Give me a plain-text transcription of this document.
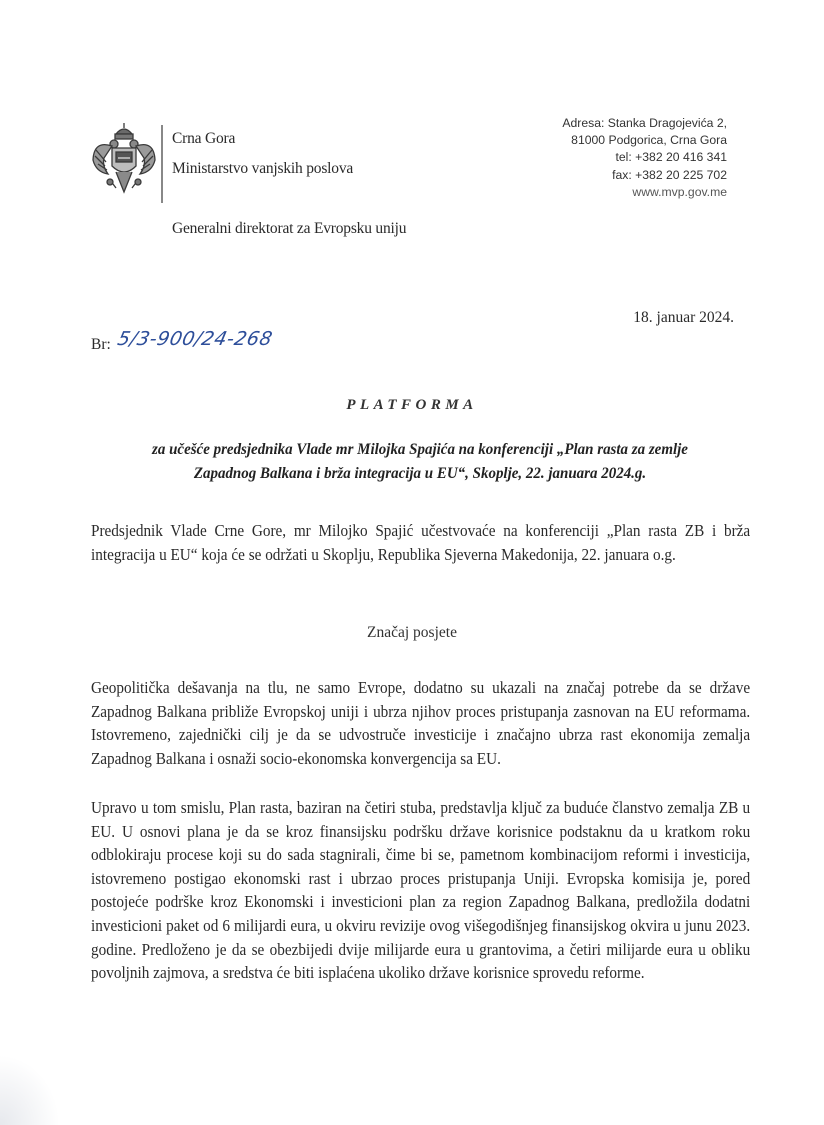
Crna Gora
Ministarstvo vanjskih poslova
Generalni direktorat za Evropsku uniju
Adresa: Stanka Dragojevića 2,
81000 Podgorica, Crna Gora
tel: +382 20 416 341
fax: +382 20 225 702
www.mvp.gov.me
18. januar 2024.
Br: 5/3-900/24-268
PLATFORMA
za učešće predsjednika Vlade mr Milojka Spajića na konferenciji „Plan rasta za zemlje
Zapadnog Balkana i brža integracija u EU“, Skoplje, 22. januara 2024.g.
Predsjednik Vlade Crne Gore, mr Milojko Spajić učestvovaće na konferenciji „Plan rasta ZB i brža integracija u EU“ koja će se održati u Skoplju, Republika Sjeverna Makedonija, 22. januara o.g.
Značaj posjete
Geopolitička dešavanja na tlu, ne samo Evrope, dodatno su ukazali na značaj potrebe da se države Zapadnog Balkana približe Evropskoj uniji i ubrza njihov proces pristupanja zasnovan na EU reformama. Istovremeno, zajednički cilj je da se udvostruče investicije i značajno ubrza rast ekonomija zemalja Zapadnog Balkana i osnaži socio-ekonomska konvergencija sa EU.
Upravo u tom smislu, Plan rasta, baziran na četiri stuba, predstavlja ključ za buduće članstvo zemalja ZB u EU. U osnovi plana je da se kroz finansijsku podršku države korisnice podstaknu da u kratkom roku odblokiraju procese koji su do sada stagnirali, čime bi se, pametnom kombinacijom reformi i investicija, istovremeno postigao ekonomski rast i ubrzao proces pristupanja Uniji. Evropska komisija je, pored postojeće podrške kroz Ekonomski i investicioni plan za region Zapadnog Balkana, predložila dodatni investicioni paket od 6 milijardi eura, u okviru revizije ovog višegodišnjeg finansijskog okvira u junu 2023. godine. Predloženo je da se obezbijedi dvije milijarde eura u grantovima, a četiri milijarde eura u obliku povoljnih zajmova, a sredstva će biti isplaćena ukoliko države korisnice sprovedu reforme.
